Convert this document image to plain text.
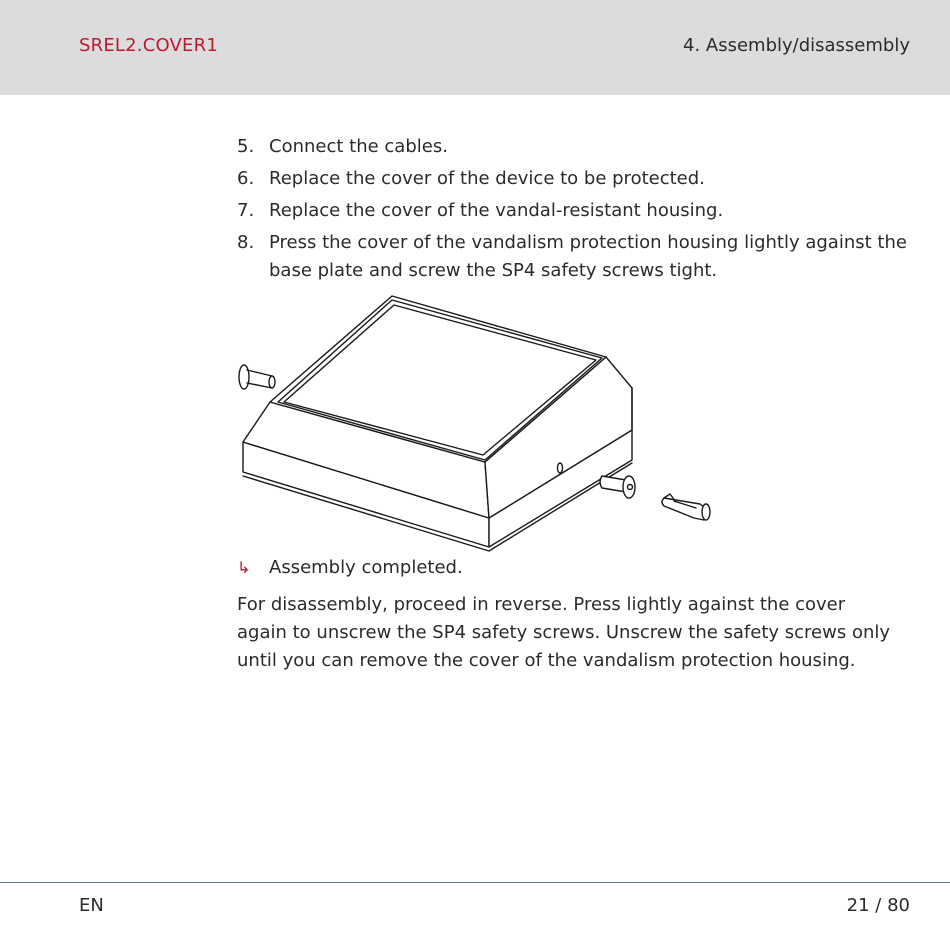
SREL2.COVER1	4. Assembly/disassembly
5. Connect the cables.
6. Replace the cover of the device to be protected.
7. Replace the cover of the vandal-resistant housing.
8. Press the cover of the vandalism protection housing lightly against the base plate and screw the SP4 safety screws tight.
↳ Assembly completed.

For disassembly, proceed in reverse. Press lightly against the cover again to unscrew the SP4 safety screws. Unscrew the safety screws only until you can remove the cover of the vandalism protection housing.

EN	21 / 80
